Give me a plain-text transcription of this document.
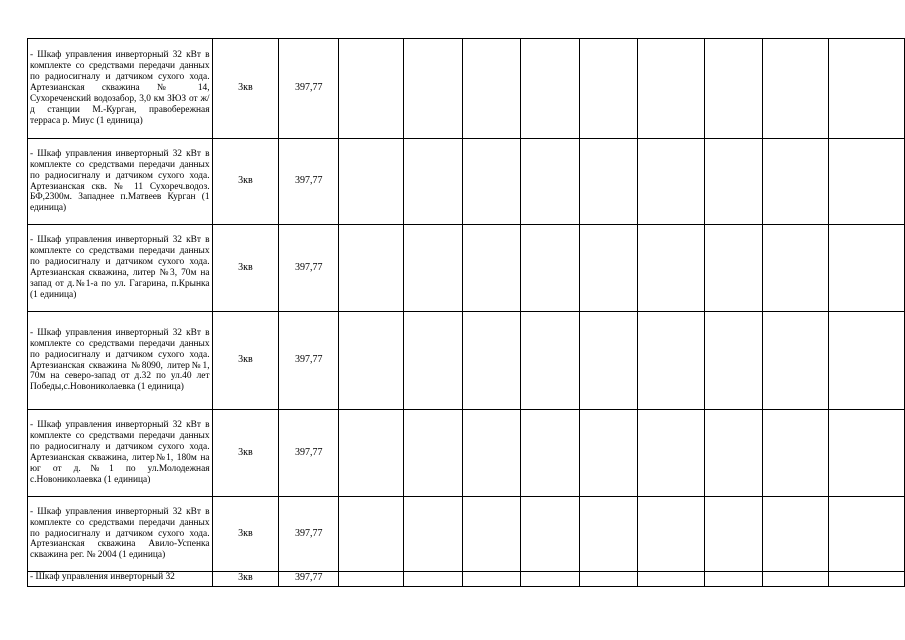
- Шкаф управления инверторный 32 кВт в комплекте со средствами передачи данных по радиосигналу и датчиком сухого хода. Артезианская скважина № 14, Сухореченский водозабор, 3,0 км ЗЮЗ от ж/д станции М.-Курган, правобережная терраса р. Миус (1 единица)	3кв	397,77									
- Шкаф управления инверторный 32 кВт в комплекте со средствами передачи данных по радиосигналу и датчиком сухого хода. Артезианская скв. № 11 Сухореч.водоз. БФ,2300м. Западнее п.Матвеев Курган (1 единица)	3кв	397,77									
- Шкаф управления инверторный 32 кВт в комплекте со средствами передачи данных по радиосигналу и датчиком сухого хода. Артезианская скважина, литер №3, 70м на запад от д.№1-а по ул. Гагарина, п.Крынка (1 единица)	3кв	397,77									
- Шкаф управления инверторный 32 кВт в комплекте со средствами передачи данных по радиосигналу и датчиком сухого хода. Артезианская скважина №8090, литер№1, 70м на северо-запад от д.32 по ул.40 лет Победы,с.Новониколаевка (1 единица)	3кв	397,77									
- Шкаф управления инверторный 32 кВт в комплекте со средствами передачи данных по радиосигналу и датчиком сухого хода. Артезианская скважина, литер№1, 180м на юг от д.№1 по ул.Молодежная с.Новониколаевка (1 единица)	3кв	397,77									
- Шкаф управления инверторный 32 кВт в комплекте со средствами передачи данных по радиосигналу и датчиком сухого хода. Артезианская скважина Авило-Успенка скважина рег. № 2004 (1 единица)	3кв	397,77									
- Шкаф управления инверторный 32	3кв	397,77									
